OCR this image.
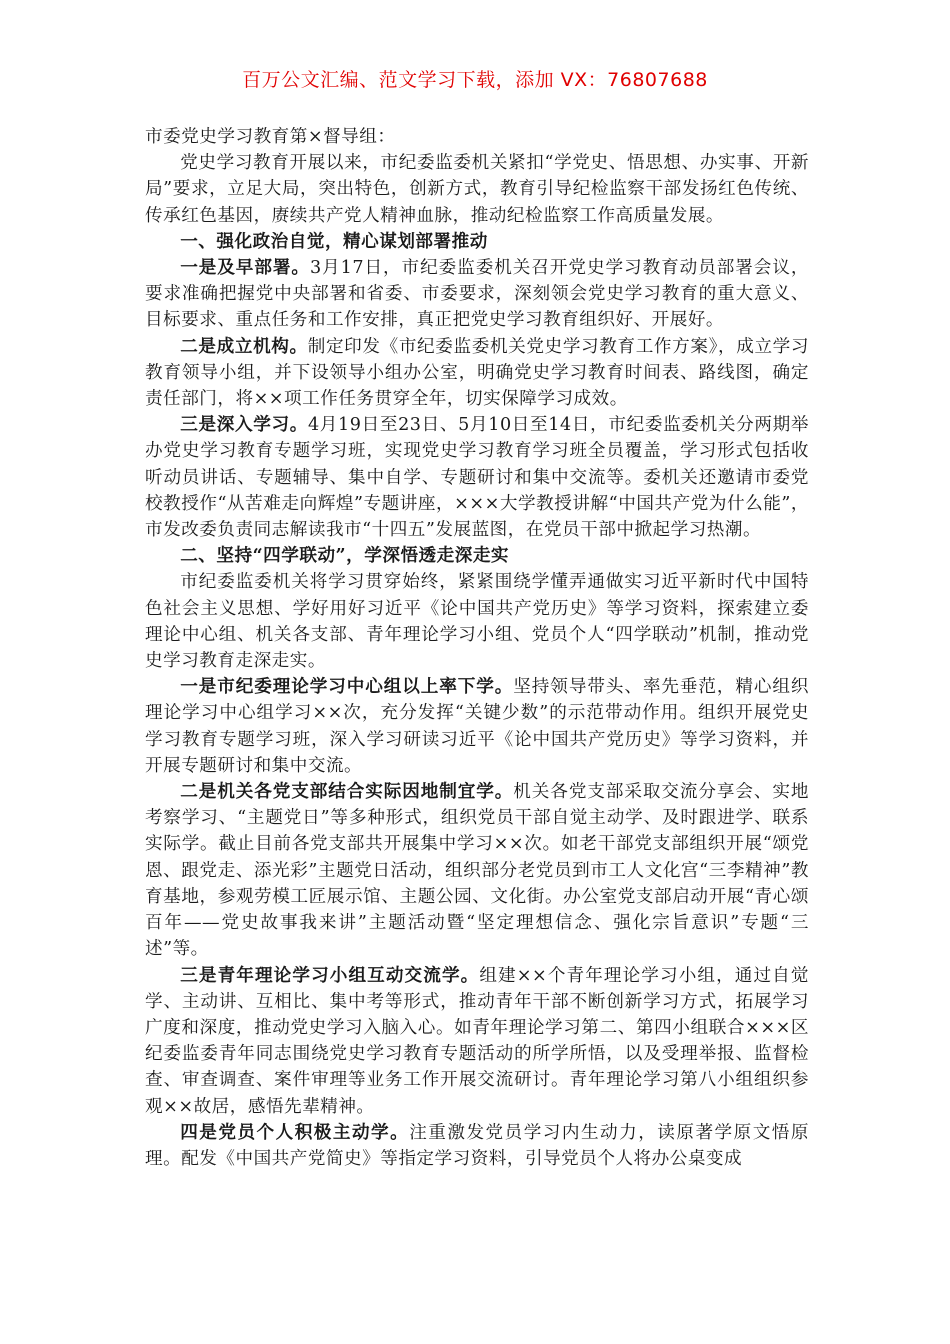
百万公文汇编、范文学习下载，添加 VX：76807688

市委党史学习教育第×督导组：

党史学习教育开展以来，市纪委监委机关紧扣“学党史、悟思想、办实事、开新局”要求，立足大局，突出特色，创新方式，教育引导纪检监察干部发扬红色传统、传承红色基因，赓续共产党人精神血脉，推动纪检监察工作高质量发展。

一、强化政治自觉，精心谋划部署推动

一是及早部署。3月17日，市纪委监委机关召开党史学习教育动员部署会议，要求准确把握党中央部署和省委、市委要求，深刻领会党史学习教育的重大意义、目标要求、重点任务和工作安排，真正把党史学习教育组织好、开展好。

二是成立机构。制定印发《市纪委监委机关党史学习教育工作方案》，成立学习教育领导小组，并下设领导小组办公室，明确党史学习教育时间表、路线图，确定责任部门，将××项工作任务贯穿全年，切实保障学习成效。

三是深入学习。4月19日至23日、5月10日至14日，市纪委监委机关分两期举办党史学习教育专题学习班，实现党史学习教育学习班全员覆盖，学习形式包括收听动员讲话、专题辅导、集中自学、专题研讨和集中交流等。委机关还邀请市委党校教授作“从苦难走向辉煌”专题讲座，×××大学教授讲解“中国共产党为什么能”，市发改委负责同志解读我市“十四五”发展蓝图，在党员干部中掀起学习热潮。

二、坚持“四学联动”，学深悟透走深走实

市纪委监委机关将学习贯穿始终，紧紧围绕学懂弄通做实习近平新时代中国特色社会主义思想、学好用好习近平《论中国共产党历史》等学习资料，探索建立委理论中心组、机关各支部、青年理论学习小组、党员个人“四学联动”机制，推动党史学习教育走深走实。

一是市纪委理论学习中心组以上率下学。坚持领导带头、率先垂范，精心组织理论学习中心组学习××次，充分发挥“关键少数”的示范带动作用。组织开展党史学习教育专题学习班，深入学习研读习近平《论中国共产党历史》等学习资料，并开展专题研讨和集中交流。

二是机关各党支部结合实际因地制宜学。机关各党支部采取交流分享会、实地考察学习、“主题党日”等多种形式，组织党员干部自觉主动学、及时跟进学、联系实际学。截止目前各党支部共开展集中学习××次。如老干部党支部组织开展“颂党恩、跟党走、添光彩”主题党日活动，组织部分老党员到市工人文化宫“三李精神”教育基地，参观劳模工匠展示馆、主题公园、文化街。办公室党支部启动开展“青心颂百年——党史故事我来讲”主题活动暨“坚定理想信念、强化宗旨意识”专题“三述”等。

三是青年理论学习小组互动交流学。组建××个青年理论学习小组，通过自觉学、主动讲、互相比、集中考等形式，推动青年干部不断创新学习方式，拓展学习广度和深度，推动党史学习入脑入心。如青年理论学习第二、第四小组联合×××区纪委监委青年同志围绕党史学习教育专题活动的所学所悟，以及受理举报、监督检查、审查调查、案件审理等业务工作开展交流研讨。青年理论学习第八小组组织参观××故居，感悟先辈精神。

四是党员个人积极主动学。注重激发党员学习内生动力，读原著学原文悟原理。配发《中国共产党简史》等指定学习资料，引导党员个人将办公桌变成
